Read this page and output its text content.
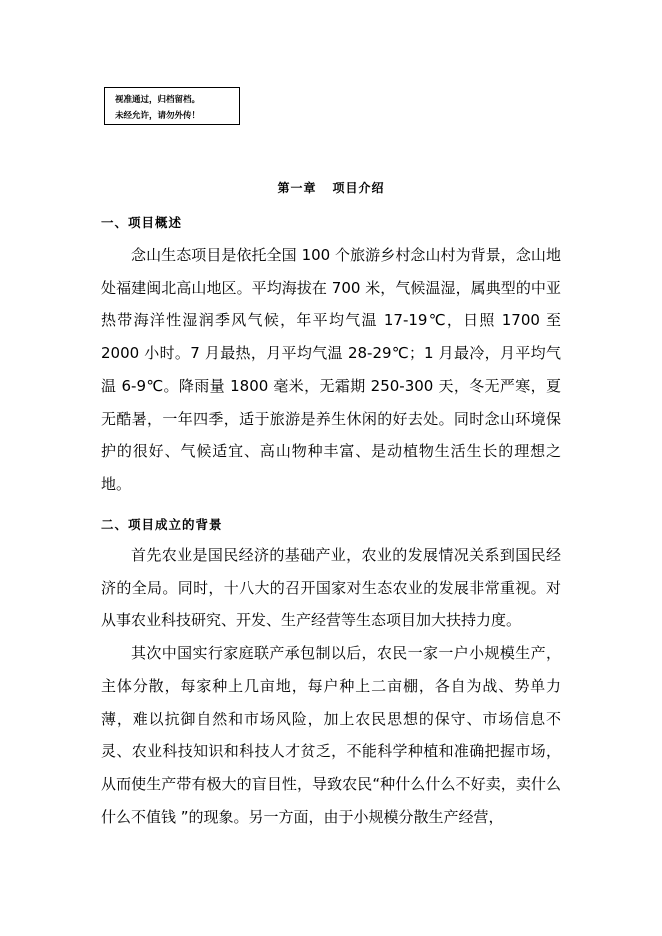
视准通过，归档留档。
未经允许，请勿外传！
第一章 项目介绍
一、项目概述

念山生态项目是依托全国 100 个旅游乡村念山村为背景，念山地处福建闽北高山地区。平均海拔在 700 米，气候温湿，属典型的中亚热带海洋性湿润季风气候，年平均气温 17-19℃，日照 1700 至 2000 小时。7 月最热，月平均气温 28-29℃；1 月最冷，月平均气温 6-9℃。降雨量 1800 毫米，无霜期 250-300 天，冬无严寒，夏无酷暑，一年四季，适于旅游是养生休闲的好去处。同时念山环境保护的很好、气候适宜、高山物种丰富、是动植物生活生长的理想之地。

二、项目成立的背景

首先农业是国民经济的基础产业，农业的发展情况关系到国民经济的全局。同时，十八大的召开国家对生态农业的发展非常重视。对从事农业科技研究、开发、生产经营等生态项目加大扶持力度。

其次中国实行家庭联产承包制以后，农民一家一户小规模生产，主体分散，每家种上几亩地，每户种上二亩棚，各自为战、势单力薄，难以抗御自然和市场风险，加上农民思想的保守、市场信息不灵、农业科技知识和科技人才贫乏，不能科学种植和准确把握市场，从而使生产带有极大的盲目性，导致农民“种什么什么不好卖，卖什么什么不值钱 ”的现象。另一方面，由于小规模分散生产经营，
